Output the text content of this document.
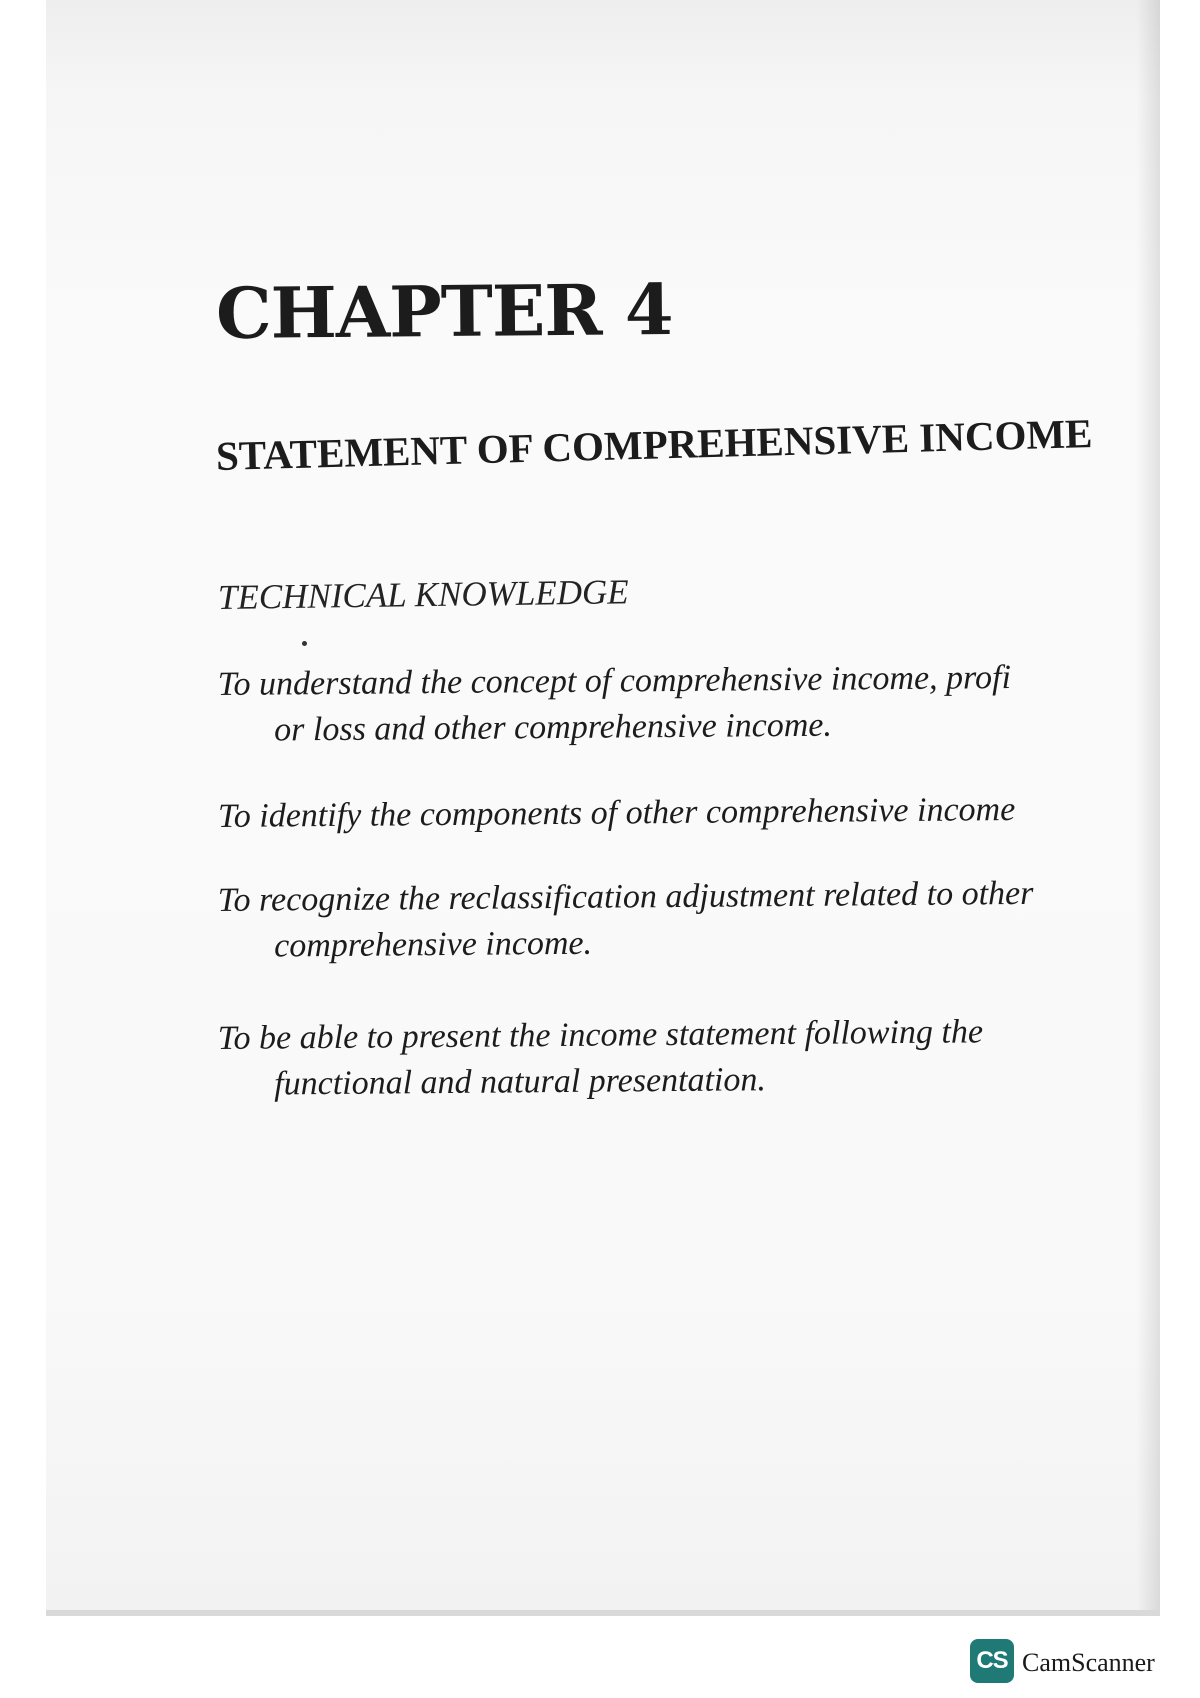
CHAPTER 4
STATEMENT OF COMPREHENSIVE INCOME
TECHNICAL KNOWLEDGE
To understand the concept of comprehensive income, profi
or loss and other comprehensive income.
To identify the components of other comprehensive income
To recognize the reclassification adjustment related to other
comprehensive income.
To be able to present the income statement following the
functional and natural presentation.
CS CamScanner
